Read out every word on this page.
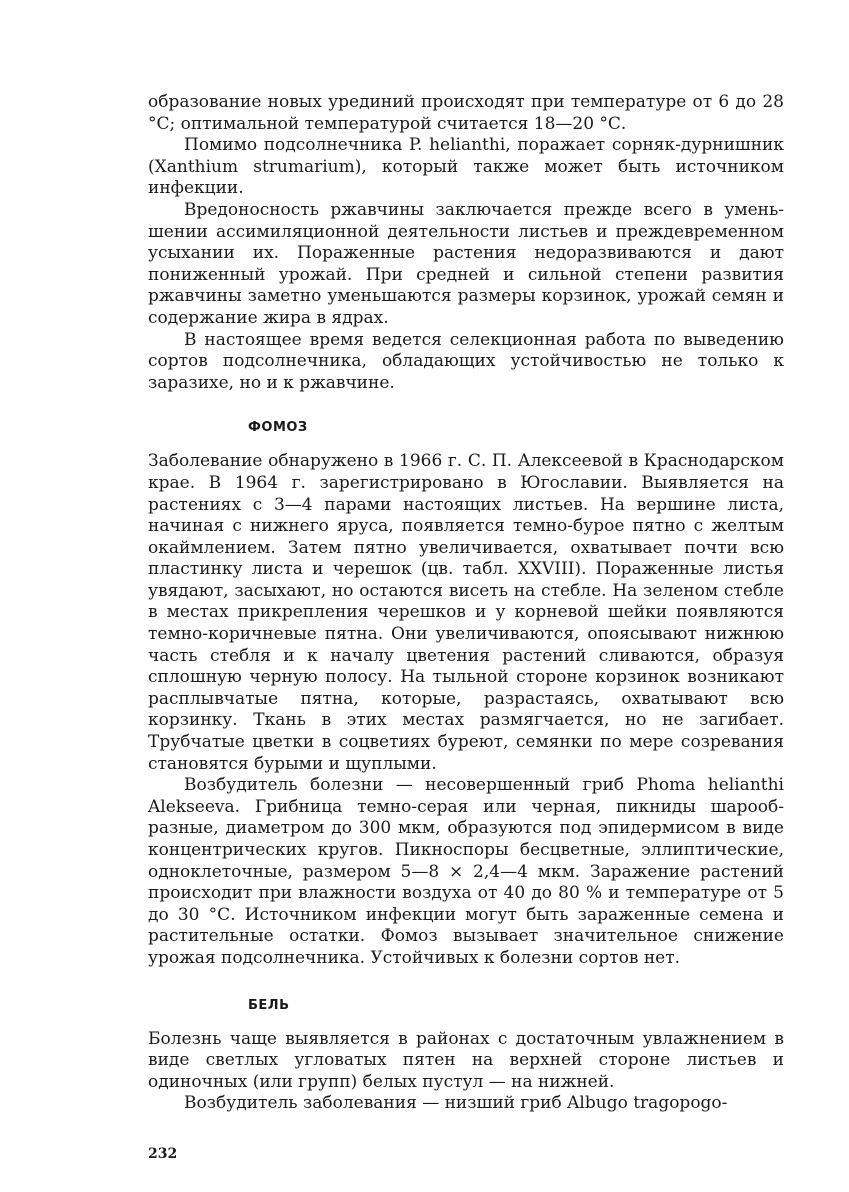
образование новых урединий происходят при температуре от 6 до 28 °С; оптимальной температурой считается 18—20 °С.

Помимо подсолнечника P. helianthi, поражает сорняк-дурнишник (Xanthium strumarium), который также может быть источником инфекции.

Вредоносность ржавчины заключается прежде всего в уменьшении ассимиляционной деятельности листьев и преждевременном усыхании их. Пораженные растения недоразвиваются и дают пониженный урожай. При средней и сильной степени развития ржавчины заметно уменьшаются размеры корзинок, урожай семян и содержание жира в ядрах.

В настоящее время ведется селекционная работа по выведению сортов подсолнечника, обладающих устойчивостью не только к заразихе, но и к ржавчине.

ФОМОЗ

Заболевание обнаружено в 1966 г. С. П. Алексеевой в Краснодарском крае. В 1964 г. зарегистрировано в Югославии. Выявляется на растениях с 3—4 парами настоящих листьев. На вершине листа, начиная с нижнего яруса, появляется темно-бурое пятно с желтым окаймлением. Затем пятно увеличивается, охватывает почти всю пластинку листа и черешок (цв. табл. XXVIII). Пораженные листья увядают, засыхают, но остаются висеть на стебле. На зеленом стебле в местах прикрепления черешков и у корневой шейки появляются темно-коричневые пятна. Они увеличиваются, опоясывают нижнюю часть стебля и к началу цветения растений сливаются, образуя сплошную черную полосу. На тыльной стороне корзинок возникают расплывчатые пятна, которые, разрастаясь, охватывают всю корзинку. Ткань в этих местах размягчается, но не загибает. Трубчатые цветки в соцветиях буреют, семянки по мере созревания становятся бурыми и щуплыми.

Возбудитель болезни — несовершенный гриб Phoma helianthi Alekseeva. Грибница темно-серая или черная, пикниды шарообразные, диаметром до 300 мкм, образуются под эпидермисом в виде концентрических кругов. Пикноспоры бесцветные, эллиптические, одноклеточные, размером 5—8 × 2,4—4 мкм. Заражение растений происходит при влажности воздуха от 40 до 80 % и температуре от 5 до 30 °С. Источником инфекции могут быть зараженные семена и растительные остатки. Фомоз вызывает значительное снижение урожая подсолнечника. Устойчивых к болезни сортов нет.

БЕЛЬ

Болезнь чаще выявляется в районах с достаточным увлажнением в виде светлых угловатых пятен на верхней стороне листьев и одиночных (или групп) белых пустул — на нижней.

Возбудитель заболевания — низший гриб Albugo tragopogo-

232
